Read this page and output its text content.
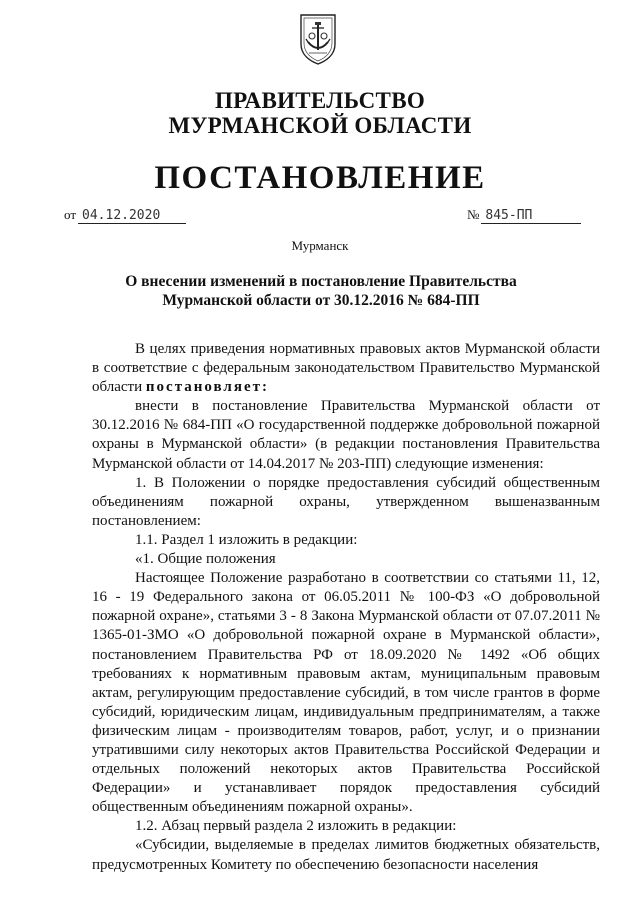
ПРАВИТЕЛЬСТВО
МУРМАНСКОЙ ОБЛАСТИ
ПОСТАНОВЛЕНИЕ
от 04.12.2020	№ 845-ПП
Мурманск
О внесении изменений в постановление Правительства Мурманской области от 30.12.2016 № 684-ПП

В целях приведения нормативных правовых актов Мурманской области в соответствие с федеральным законодательством Правительство Мурманской области постановляет:

внести в постановление Правительства Мурманской области от 30.12.2016 № 684-ПП «О государственной поддержке добровольной пожарной охраны в Мурманской области» (в редакции постановления Правительства Мурманской области от 14.04.2017 № 203-ПП) следующие изменения:

1. В Положении о порядке предоставления субсидий общественным объединениям пожарной охраны, утвержденном вышеназванным постановлением:

1.1. Раздел 1 изложить в редакции:

«1. Общие положения

Настоящее Положение разработано в соответствии со статьями 11, 12, 16 - 19 Федерального закона от 06.05.2011 № 100-ФЗ «О добровольной пожарной охране», статьями 3 - 8 Закона Мурманской области от 07.07.2011 № 1365-01-ЗМО «О добровольной пожарной охране в Мурманской области», постановлением Правительства РФ от 18.09.2020 № 1492 «Об общих требованиях к нормативным правовым актам, муниципальным правовым актам, регулирующим предоставление субсидий, в том числе грантов в форме субсидий, юридическим лицам, индивидуальным предпринимателям, а также физическим лицам - производителям товаров, работ, услуг, и о признании утратившими силу некоторых актов Правительства Российской Федерации и отдельных положений некоторых актов Правительства Российской Федерации» и устанавливает порядок предоставления субсидий общественным объединениям пожарной охраны».

1.2. Абзац первый раздела 2 изложить в редакции:

«Субсидии, выделяемые в пределах лимитов бюджетных обязательств, предусмотренных Комитету по обеспечению безопасности населения
